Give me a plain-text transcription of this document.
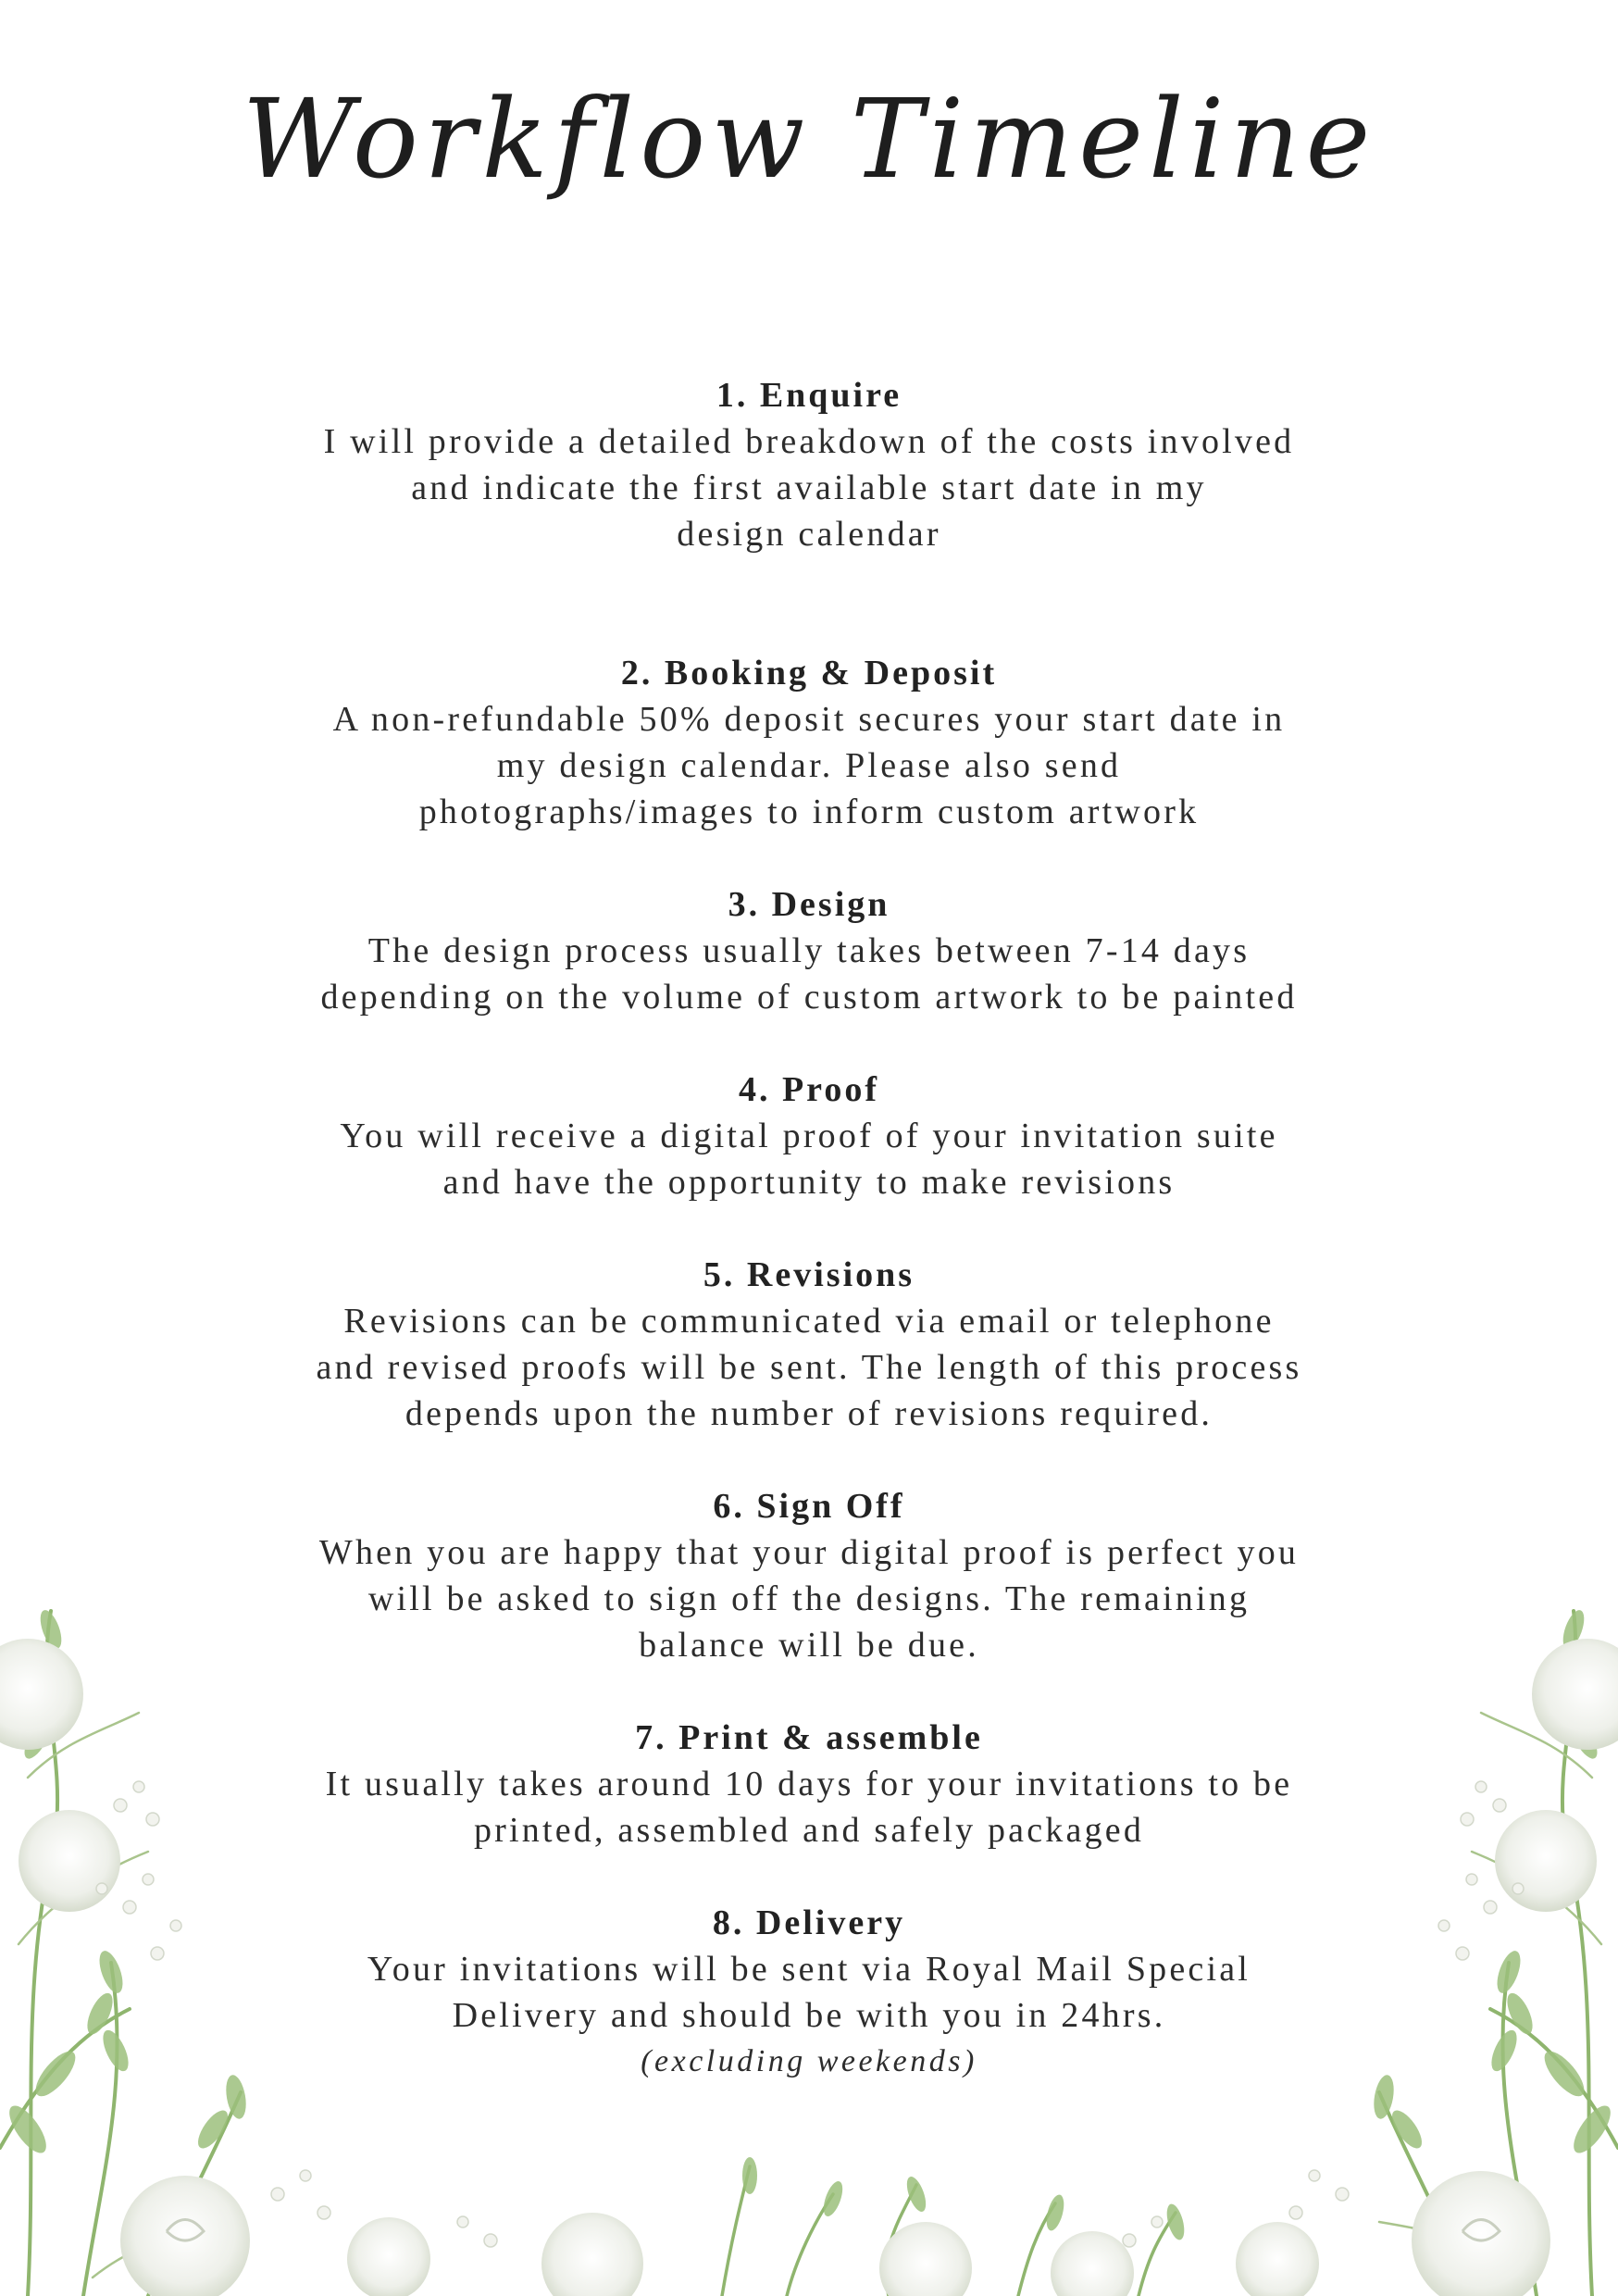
Workflow Timeline
1. Enquire
I will provide a detailed breakdown of the costs involved
and indicate the first available start date in my
design calendar
2. Booking & Deposit
A non-refundable 50% deposit secures your start date in
my design calendar. Please also send
photographs/images to inform custom artwork
3. Design
The design process usually takes between 7-14 days
depending on the volume of custom artwork to be painted
4. Proof
You will receive a digital proof of your invitation suite
and have the opportunity to make revisions
5. Revisions
Revisions can be communicated via email or telephone
and revised proofs will be sent. The length of this process
depends upon the number of revisions required.
6. Sign Off
When you are happy that your digital proof is perfect you
will be asked to sign off the designs. The remaining
balance will be due.
7. Print & assemble
It usually takes around 10 days for your invitations to be
printed, assembled and safely packaged
8. Delivery
Your invitations will be sent via Royal Mail Special
Delivery and should be with you in 24hrs.
(excluding weekends)
